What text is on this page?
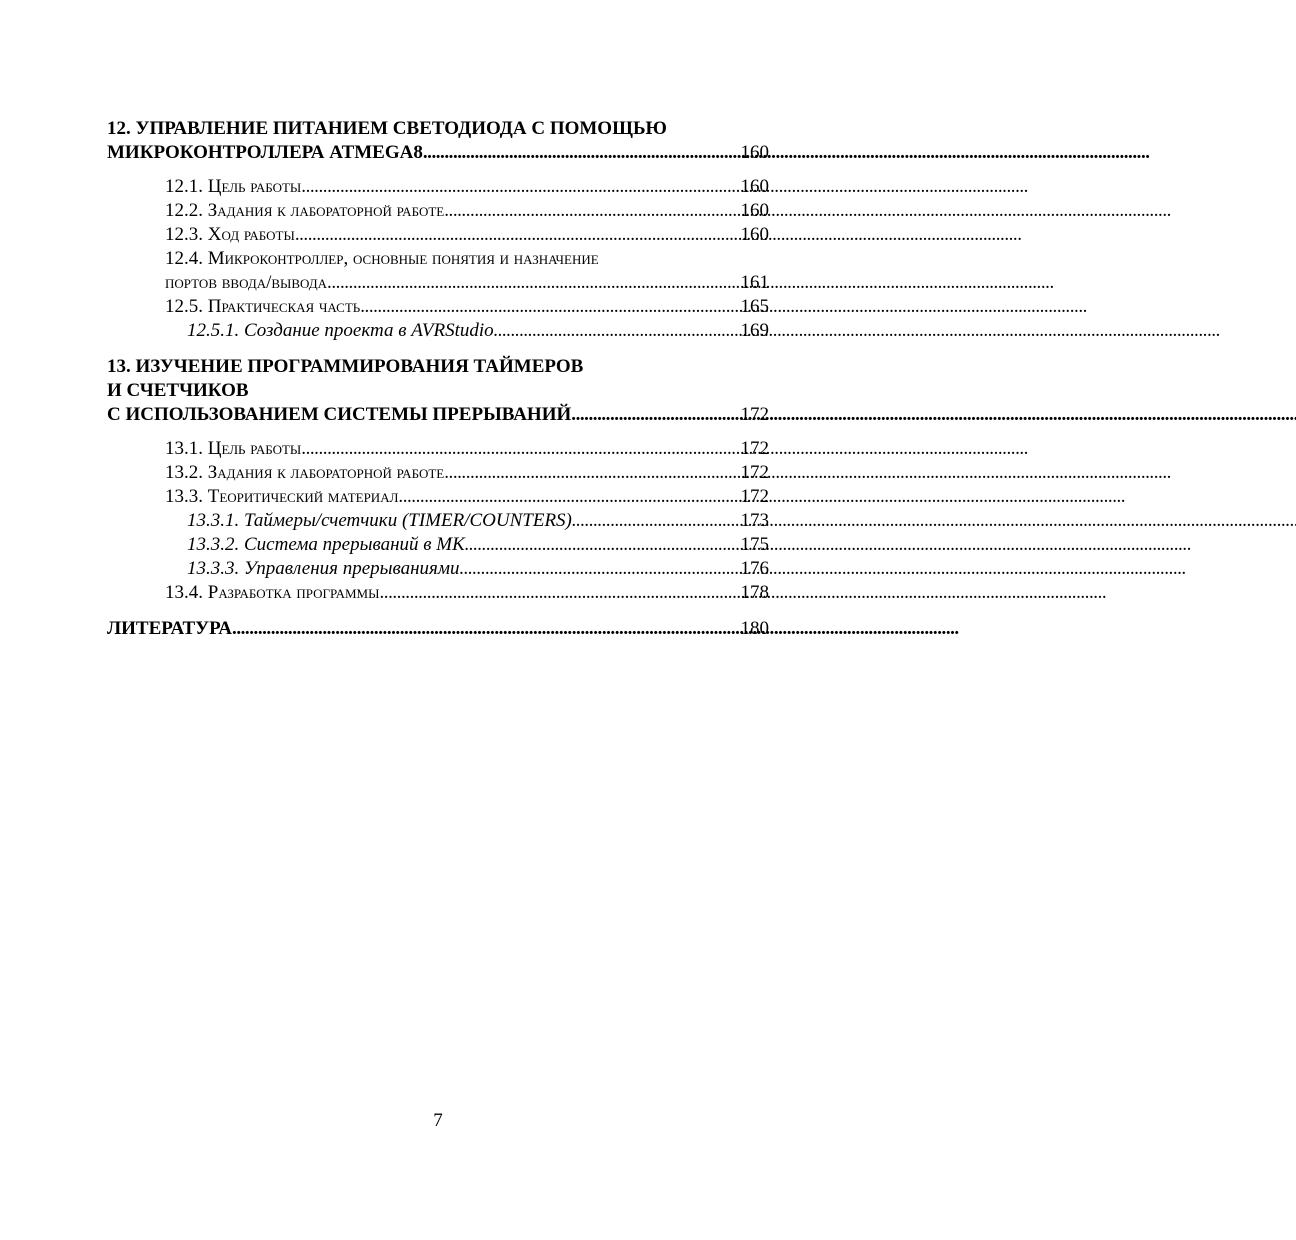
12. УПРАВЛЕНИЕ ПИТАНИЕМ СВЕТОДИОДА С ПОМОЩЬЮ
МИКРОКОНТРОЛЛЕРА ATMEGA8 . . .	160
12.1. Цель работы . . .	160
12.2. Задания к лабораторной работе . . .	160
12.3. Ход работы . . .	160
12.4. Микроконтроллер, основные понятия и назначение
портов ввода/вывода . . .	161
12.5. Практическая часть . . .	165
12.5.1. Создание проекта в AVRStudio . . .	169
13. ИЗУЧЕНИЕ ПРОГРАММИРОВАНИЯ ТАЙМЕРОВ
И СЧЕТЧИКОВ
С ИСПОЛЬЗОВАНИЕМ СИСТЕМЫ ПРЕРЫВАНИЙ . . .	172
13.1. Цель работы . . .	172
13.2. Задания к лабораторной работе . . .	172
13.3. Теоритический материал . . .	172
13.3.1. Таймеры/счетчики (TIMER/COUNTERS) . . .	173
13.3.2. Система прерываний в МК . . .	175
13.3.3. Управления прерываниями . . .	176
13.4. Разработка программы . . .	178
ЛИТЕРАТУРА . . .	180
7
